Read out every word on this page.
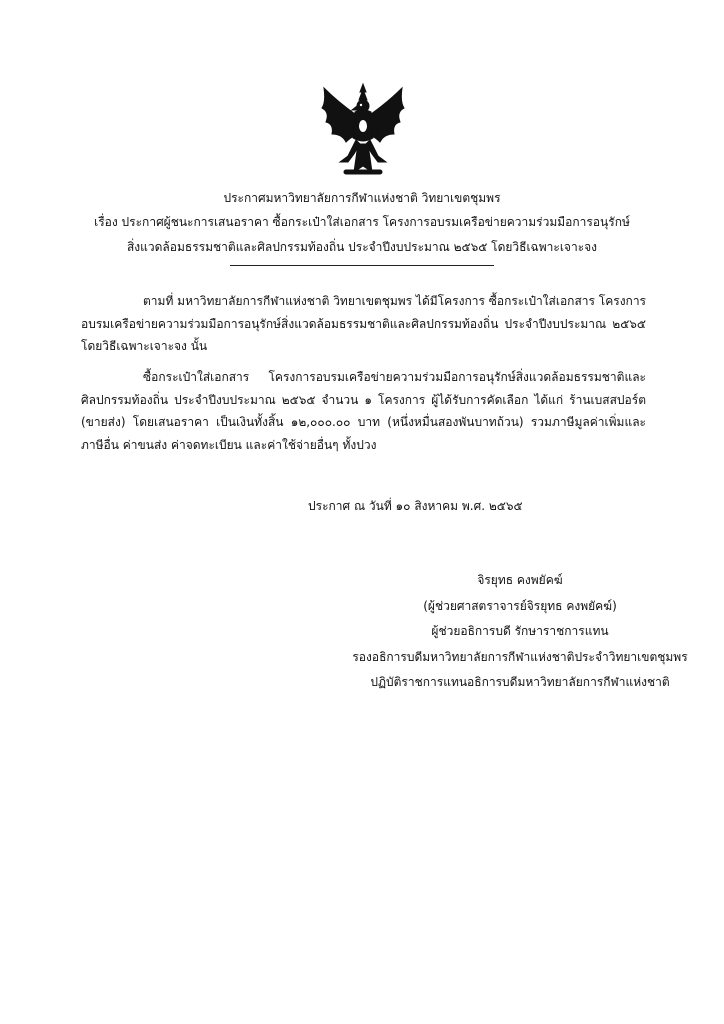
ประกาศมหาวิทยาลัยการกีฬาแห่งชาติ วิทยาเขตชุมพร
เรื่อง ประกาศผู้ชนะการเสนอราคา ซื้อกระเป๋าใส่เอกสาร โครงการอบรมเครือข่ายความร่วมมือการอนุรักษ์
สิ่งแวดล้อมธรรมชาติและศิลปกรรมท้องถิ่น ประจำปีงบประมาณ ๒๕๖๕ โดยวิธีเฉพาะเจาะจง
ตามที่ มหาวิทยาลัยการกีฬาแห่งชาติ วิทยาเขตชุมพร ได้มีโครงการ ซื้อกระเป๋าใส่เอกสาร โครงการอบรมเครือข่ายความร่วมมือการอนุรักษ์สิ่งแวดล้อมธรรมชาติและศิลปกรรมท้องถิ่น ประจำปีงบประมาณ ๒๕๖๕ โดยวิธีเฉพาะเจาะจง นั้น
ซื้อกระเป๋าใส่เอกสาร โครงการอบรมเครือข่ายความร่วมมือการอนุรักษ์สิ่งแวดล้อมธรรมชาติและศิลปกรรมท้องถิ่น ประจำปีงบประมาณ ๒๕๖๕ จำนวน ๑ โครงการ ผู้ได้รับการคัดเลือก ได้แก่ ร้านเบสสปอร์ต (ขายส่ง) โดยเสนอราคา เป็นเงินทั้งสิ้น ๑๒,๐๐๐.๐๐ บาท (หนึ่งหมื่นสองพันบาทถ้วน) รวมภาษีมูลค่าเพิ่มและภาษีอื่น ค่าขนส่ง ค่าจดทะเบียน และค่าใช้จ่ายอื่นๆ ทั้งปวง
ประกาศ ณ วันที่ ๑๐ สิงหาคม พ.ศ. ๒๕๖๕
จิรยุทธ คงพยัคฆ์
(ผู้ช่วยศาสตราจารย์จิรยุทธ คงพยัคฆ์)
ผู้ช่วยอธิการบดี รักษาราชการแทน
รองอธิการบดีมหาวิทยาลัยการกีฬาแห่งชาติประจำวิทยาเขตชุมพร
ปฏิบัติราชการแทนอธิการบดีมหาวิทยาลัยการกีฬาแห่งชาติ
